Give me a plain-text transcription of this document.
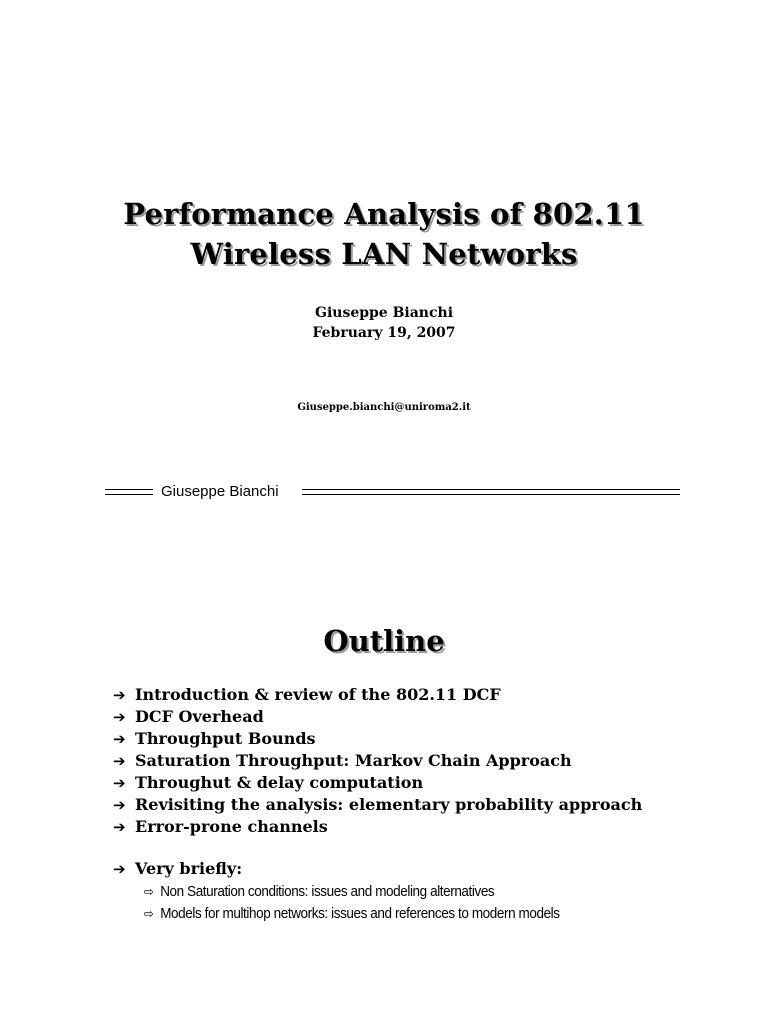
Performance Analysis of 802.11
Wireless LAN Networks
Giuseppe Bianchi
February 19, 2007
Giuseppe.bianchi@uniroma2.it
Giuseppe Bianchi
Outline
➔ Introduction & review of the 802.11 DCF
➔ DCF Overhead
➔ Throughput Bounds
➔ Saturation Throughput: Markov Chain Approach
➔ Throughut & delay computation
➔ Revisiting the analysis: elementary probability approach
➔ Error-prone channels
➔ Very briefly:
⇨ Non Saturation conditions: issues and modeling alternatives
⇨ Models for multihop networks: issues and references to modern models
